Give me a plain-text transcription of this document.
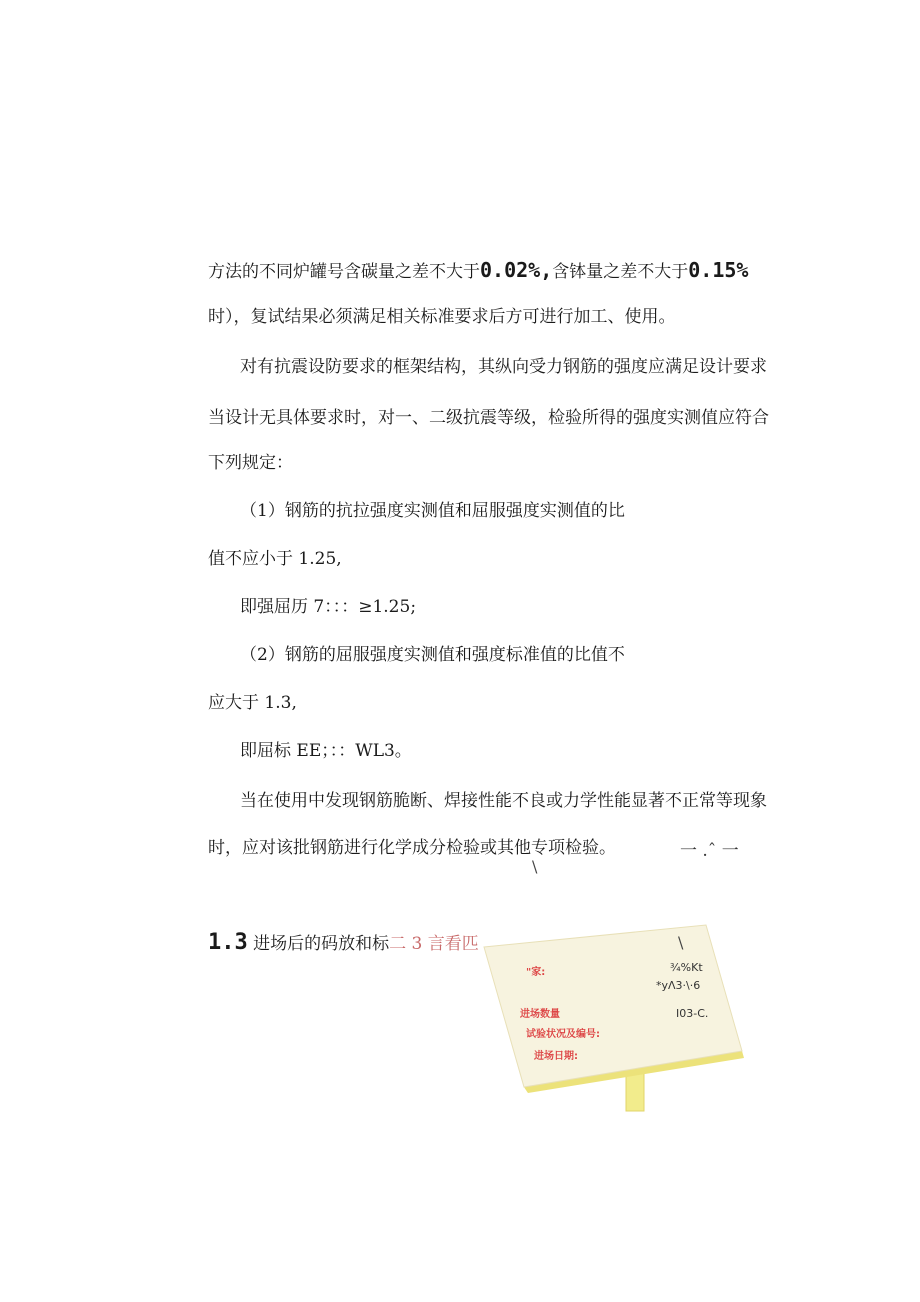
方法的不同炉罐号含碳量之差不大于0.02%,含钵量之差不大于0.15%
时），复试结果必须满足相关标准要求后方可进行加工、使用。
对有抗震设防要求的框架结构，其纵向受力钢筋的强度应满足设计要求
当设计无具体要求时，对一、二级抗震等级，检验所得的强度实测值应符合
下列规定：
（1）钢筋的抗拉强度实测值和屈服强度实测值的比
值不应小于 1.25,
即强屈历 7：：：≥1.25;
（2）钢筋的屈服强度实测值和强度标准值的比值不
应大于 1.3,
即屈标 EE；：：WL3。
当在使用中发现钢筋脆断、焊接性能不良或力学性能显著不正常等现象
时，应对该批钢筋进行化学成分检验或其他专项检验。	一 .ˆ 一
1.3 进场后的码放和标二 3 言看匹
\
\
"家:	¾%Kt
*yΛ3·\·6
进场数量
试验状况及编号:
Ι03-C.
进场日期:
